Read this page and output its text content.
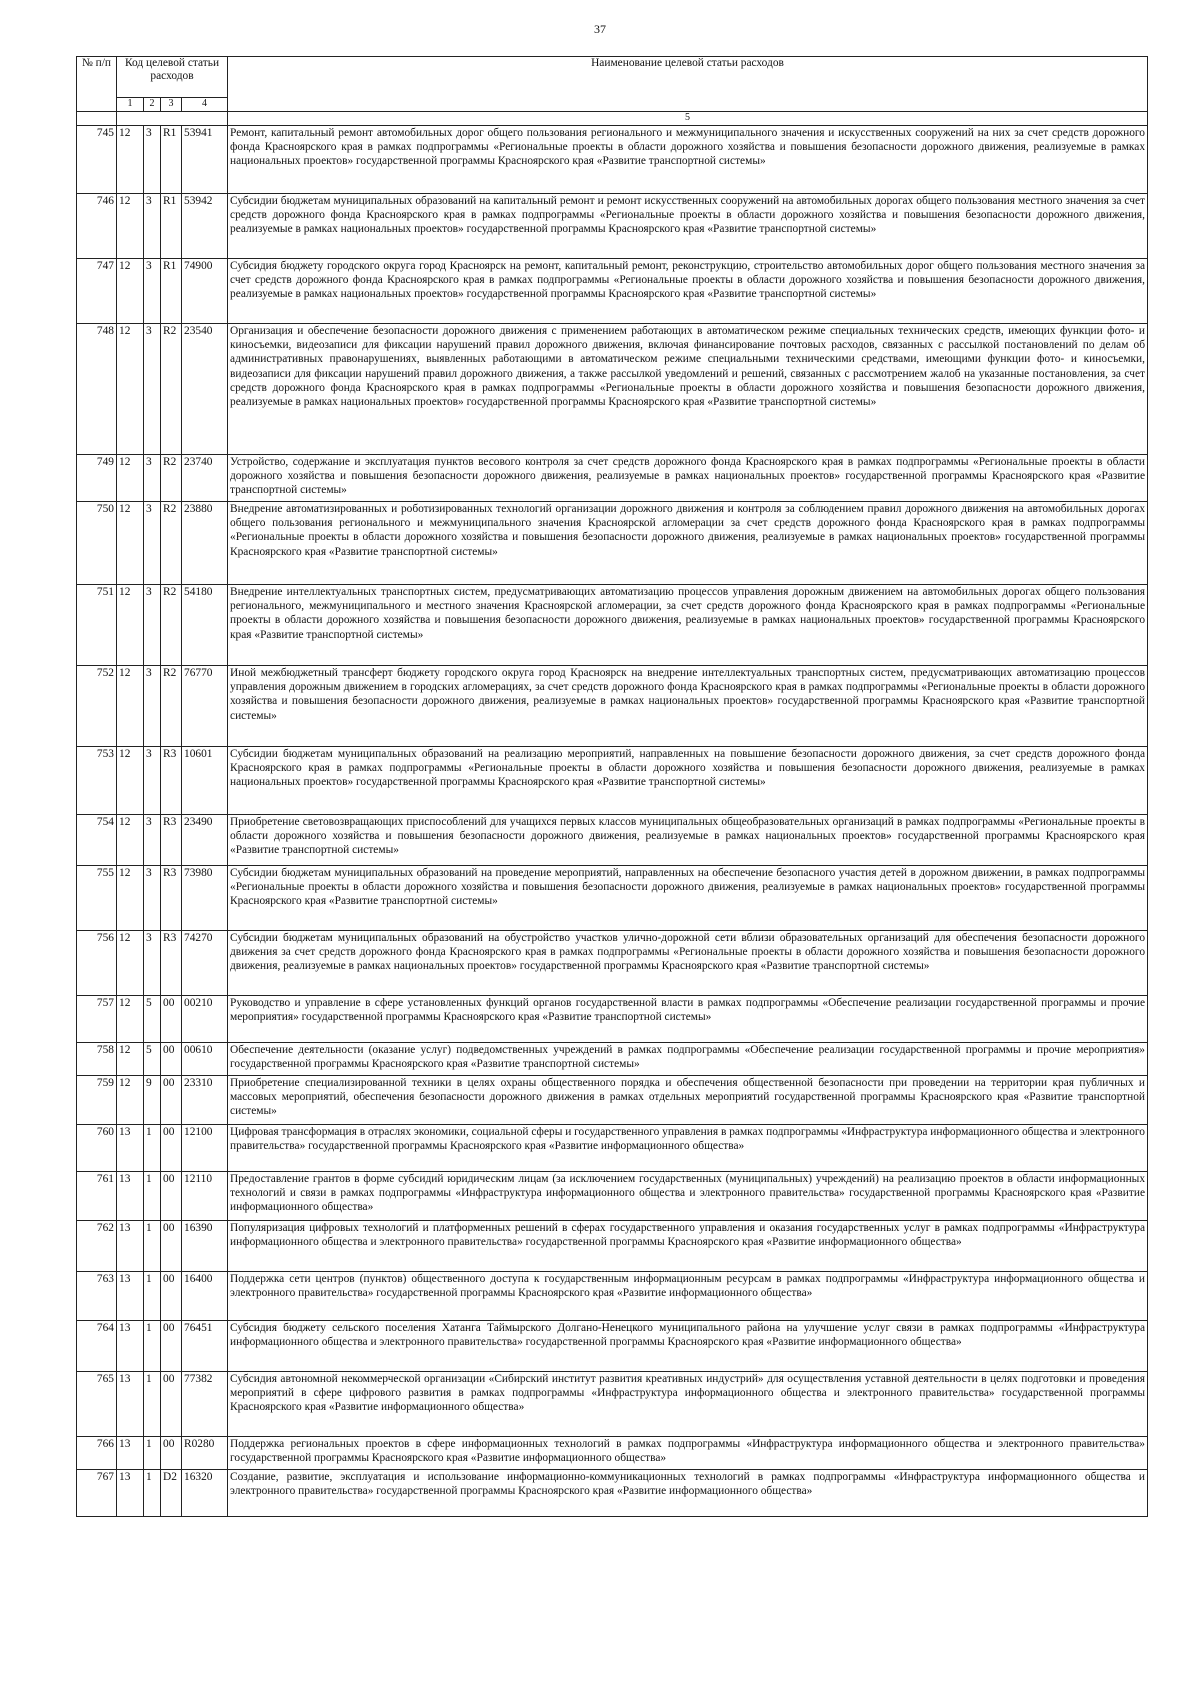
37
№ п/п	Код целевой статьи расходов				Наименование целевой статьи расходов
	1	2	3	4	
					5
745	12	3	R1	53941	Ремонт, капитальный ремонт автомобильных дорог общего пользования регионального и межмуниципального значения и искусственных сооружений на них за счет средств дорожного фонда Красноярского края в рамках подпрограммы «Региональные проекты в области дорожного хозяйства и повышения безопасности дорожного движения, реализуемые в рамках национальных проектов» государственной программы Красноярского края «Развитие транспортной системы»
746	12	3	R1	53942	Субсидии бюджетам муниципальных образований на капитальный ремонт и ремонт искусственных сооружений на автомобильных дорогах общего пользования местного значения за счет средств дорожного фонда Красноярского края в рамках подпрограммы «Региональные проекты в области дорожного хозяйства и повышения безопасности дорожного движения, реализуемые в рамках национальных проектов» государственной программы Красноярского края «Развитие транспортной системы»
747	12	3	R1	74900	Субсидия бюджету городского округа город Красноярск на ремонт, капитальный ремонт, реконструкцию, строительство автомобильных дорог общего пользования местного значения за счет средств дорожного фонда Красноярского края в рамках подпрограммы «Региональные проекты в области дорожного хозяйства и повышения безопасности дорожного движения, реализуемые в рамках национальных проектов» государственной программы Красноярского края «Развитие транспортной системы»
748	12	3	R2	23540	Организация и обеспечение безопасности дорожного движения с применением работающих в автоматическом режиме специальных технических средств, имеющих функции фото- и киносъемки, видеозаписи для фиксации нарушений правил дорожного движения, включая финансирование почтовых расходов, связанных с рассылкой постановлений по делам об административных правонарушениях, выявленных работающими в автоматическом режиме специальными техническими средствами, имеющими функции фото- и киносъемки, видеозаписи для фиксации нарушений правил дорожного движения, а также рассылкой уведомлений и решений, связанных с рассмотрением жалоб на указанные постановления, за счет средств дорожного фонда Красноярского края в рамках подпрограммы «Региональные проекты в области дорожного хозяйства и повышения безопасности дорожного движения, реализуемые в рамках национальных проектов» государственной программы Красноярского края «Развитие транспортной системы»
749	12	3	R2	23740	Устройство, содержание и эксплуатация пунктов весового контроля за счет средств дорожного фонда Красноярского края в рамках подпрограммы «Региональные проекты в области дорожного хозяйства и повышения безопасности дорожного движения, реализуемые в рамках национальных проектов» государственной программы Красноярского края «Развитие транспортной системы»
750	12	3	R2	23880	Внедрение автоматизированных и роботизированных технологий организации дорожного движения и контроля за соблюдением правил дорожного движения на автомобильных дорогах общего пользования регионального и межмуниципального значения Красноярской агломерации за счет средств дорожного фонда Красноярского края в рамках подпрограммы «Региональные проекты в области дорожного хозяйства и повышения безопасности дорожного движения, реализуемые в рамках национальных проектов» государственной программы Красноярского края «Развитие транспортной системы»
751	12	3	R2	54180	Внедрение интеллектуальных транспортных систем, предусматривающих автоматизацию процессов управления дорожным движением на автомобильных дорогах общего пользования регионального, межмуниципального и местного значения Красноярской агломерации, за счет средств дорожного фонда Красноярского края в рамках подпрограммы «Региональные проекты в области дорожного хозяйства и повышения безопасности дорожного движения, реализуемые в рамках национальных проектов» государственной программы Красноярского края «Развитие транспортной системы»
752	12	3	R2	76770	Иной межбюджетный трансферт бюджету городского округа город Красноярск на внедрение интеллектуальных транспортных систем, предусматривающих автоматизацию процессов управления дорожным движением в городских агломерациях, за счет средств дорожного фонда Красноярского края в рамках подпрограммы «Региональные проекты в области дорожного хозяйства и повышения безопасности дорожного движения, реализуемые в рамках национальных проектов» государственной программы Красноярского края «Развитие транспортной системы»
753	12	3	R3	10601	Субсидии бюджетам муниципальных образований на реализацию мероприятий, направленных на повышение безопасности дорожного движения, за счет средств дорожного фонда Красноярского края в рамках подпрограммы «Региональные проекты в области дорожного хозяйства и повышения безопасности дорожного движения, реализуемые в рамках национальных проектов» государственной программы Красноярского края «Развитие транспортной системы»
754	12	3	R3	23490	Приобретение световозвращающих приспособлений для учащихся первых классов муниципальных общеобразовательных организаций в рамках подпрограммы «Региональные проекты в области дорожного хозяйства и повышения безопасности дорожного движения, реализуемые в рамках национальных проектов» государственной программы Красноярского края «Развитие транспортной системы»
755	12	3	R3	73980	Субсидии бюджетам муниципальных образований на проведение мероприятий, направленных на обеспечение безопасного участия детей в дорожном движении, в рамках подпрограммы «Региональные проекты в области дорожного хозяйства и повышения безопасности дорожного движения, реализуемые в рамках национальных проектов» государственной программы Красноярского края «Развитие транспортной системы»
756	12	3	R3	74270	Субсидии бюджетам муниципальных образований на обустройство участков улично-дорожной сети вблизи образовательных организаций для обеспечения безопасности дорожного движения за счет средств дорожного фонда Красноярского края в рамках подпрограммы «Региональные проекты в области дорожного хозяйства и повышения безопасности дорожного движения, реализуемые в рамках национальных проектов» государственной программы Красноярского края «Развитие транспортной системы»
757	12	5	00	00210	Руководство и управление в сфере установленных функций органов государственной власти в рамках подпрограммы «Обеспечение реализации государственной программы и прочие мероприятия» государственной программы Красноярского края «Развитие транспортной системы»
758	12	5	00	00610	Обеспечение деятельности (оказание услуг) подведомственных учреждений в рамках подпрограммы «Обеспечение реализации государственной программы и прочие мероприятия» государственной программы Красноярского края «Развитие транспортной системы»
759	12	9	00	23310	Приобретение специализированной техники в целях охраны общественного порядка и обеспечения общественной безопасности при проведении на территории края публичных и массовых мероприятий, обеспечения безопасности дорожного движения в рамках отдельных мероприятий государственной программы Красноярского края «Развитие транспортной системы»
760	13	1	00	12100	Цифровая трансформация в отраслях экономики, социальной сферы и государственного управления в рамках подпрограммы «Инфраструктура информационного общества и электронного правительства» государственной программы Красноярского края «Развитие информационного общества»
761	13	1	00	12110	Предоставление грантов в форме субсидий юридическим лицам (за исключением государственных (муниципальных) учреждений) на реализацию проектов в области информационных технологий и связи в рамках подпрограммы «Инфраструктура информационного общества и электронного правительства» государственной программы Красноярского края «Развитие информационного общества»
762	13	1	00	16390	Популяризация цифровых технологий и платформенных решений в сферах государственного управления и оказания государственных услуг в рамках подпрограммы «Инфраструктура информационного общества и электронного правительства» государственной программы Красноярского края «Развитие информационного общества»
763	13	1	00	16400	Поддержка сети центров (пунктов) общественного доступа к государственным информационным ресурсам в рамках подпрограммы «Инфраструктура информационного общества и электронного правительства» государственной программы Красноярского края «Развитие информационного общества»
764	13	1	00	76451	Субсидия бюджету сельского поселения Хатанга Таймырского Долгано-Ненецкого муниципального района на улучшение услуг связи в рамках подпрограммы «Инфраструктура информационного общества и электронного правительства» государственной программы Красноярского края «Развитие информационного общества»
765	13	1	00	77382	Субсидия автономной некоммерческой организации «Сибирский институт развития креативных индустрий» для осуществления уставной деятельности в целях подготовки и проведения мероприятий в сфере цифрового развития в рамках подпрограммы «Инфраструктура информационного общества и электронного правительства» государственной программы Красноярского края «Развитие информационного общества»
766	13	1	00	R0280	Поддержка региональных проектов в сфере информационных технологий в рамках подпрограммы «Инфраструктура информационного общества и электронного правительства» государственной программы Красноярского края «Развитие информационного общества»
767	13	1	D2	16320	Создание, развитие, эксплуатация и использование информационно-коммуникационных технологий в рамках подпрограммы «Инфраструктура информационного общества и электронного правительства» государственной программы Красноярского края «Развитие информационного общества»
